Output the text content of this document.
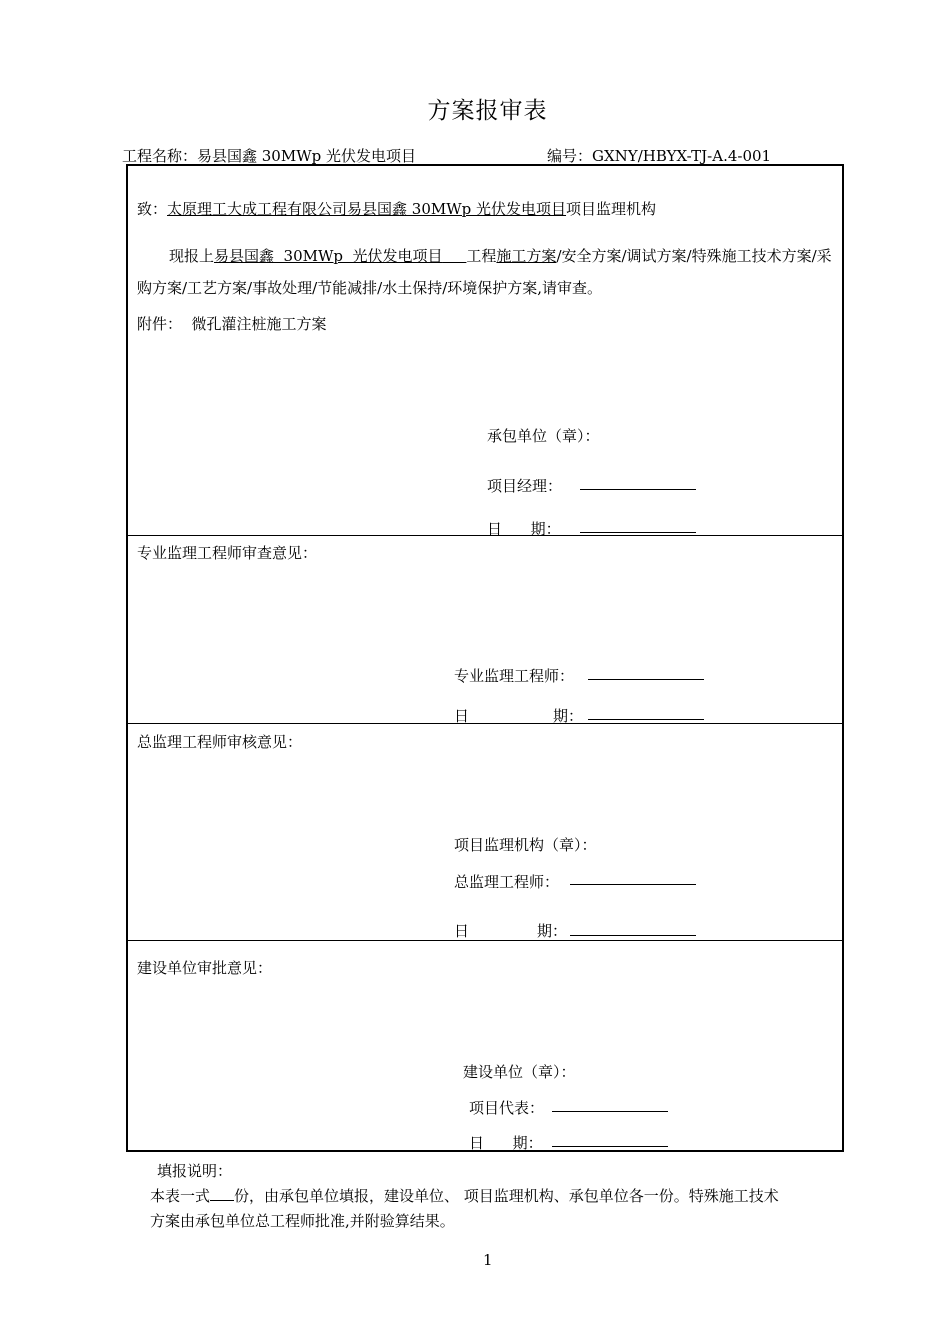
方案报审表
工程名称：易县国鑫 30MWp 光伏发电项目	编号：GXNY/HBYX-TJ-A.4-001
致：太原理工大成工程有限公司易县国鑫 30MWp 光伏发电项目项目监理机构
现报上易县国鑫  30MWp  光伏发电项目 工程施工方案/安全方案/调试方案/特殊施工技术方案/采购方案/工艺方案/事故处理/节能减排/水土保持/环境保护方案,请审查。
附件：  微孔灌注桩施工方案
承包单位（章）：
项目经理：
日      期：
专业监理工程师审查意见：
专业监理工程师：
日	期：
总监理工程师审核意见：
项目监理机构（章）：
总监理工程师：
日	期：
建设单位审批意见：
建设单位（章）：
项目代表：
日      期：
填报说明：
本表一式 份，由承包单位填报，建设单位、 项目监理机构、承包单位各一份。特殊施工技术
方案由承包单位总工程师批准,并附验算结果。
1
